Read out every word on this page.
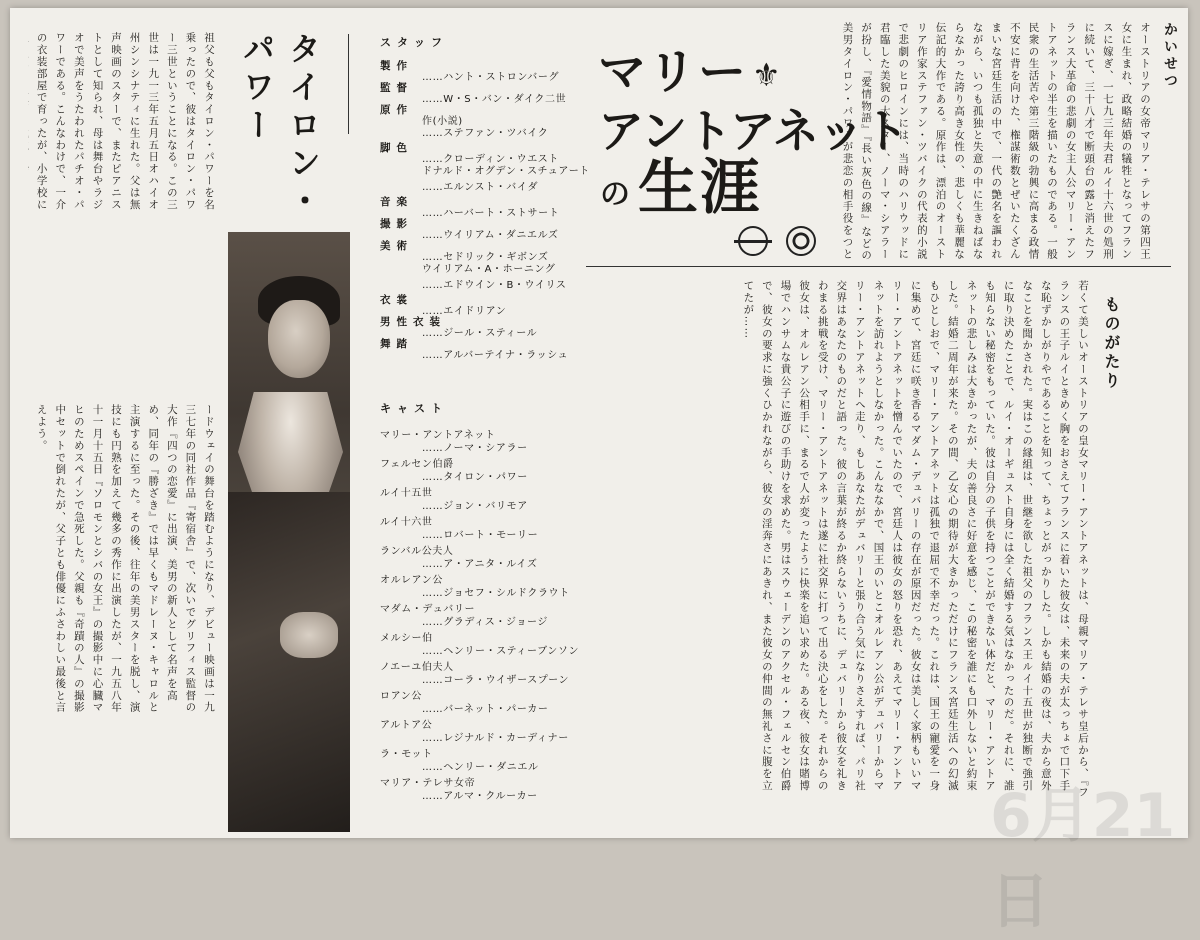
かいせつ
オーストリアの女帝マリア・テレサの第四王女に生まれ、政略結婚の犠牲となってフランスに嫁ぎ、一七九三年夫君ルイ十六世の処刑に続いて、三十八才で断頭台の露と消えたフランス大革命の悲劇の女主人公マリー・アントアネットの半生を描いたものである。一般民衆の生活苦や第三階級の勃興に高まる政情不安に背を向けた、権謀術数とぜいたくざんまいな宮廷生活の中で、一代の艶名を謳われながら、いつも孤独と失意の中に生きねばならなかった誇り高き女性の、悲しくも華麗な伝記的大作である。原作は、漂泊のオーストリア作家ステファン・ツバイクの代表的小説で悲劇のヒロインには、当時のハリウッドに君臨した美貌の大スター、ノーマ・シアラーが扮し、『愛情物語』『長い灰色の線』などの美男タイロン・パワーが悲恋の相手役をつと
マリー ⚜
アントアネット
の 生涯
ものがたり
若くて美しいオーストリアの皇女マリー・アントアネットは、母親マリア・テレサ皇后から、『フランスの王子ルイときめく胸をおさえてフランスに着いた彼女は、未来の夫が太っちょで口下手な恥ずかしがりやであることを知って、ちょっとがっかりした。しかも結婚の夜は、夫から意外なことを聞かされた。実はこの縁組は、世継を欲した祖父のフランス王ルイ十五世が独断で強引に取り決めたことで、ルイ・オーギュスト自身には全く結婚する気はなかったのだ。それに、誰も知らない秘密をもっていた。彼は自分の子供を持つことができない体だと、マリー・アントアネットの悲しみは大きかったが、夫の善良さに好意を感じ、この秘密を誰にも口外しないと約束した。結婚二周年が来た。その間、乙女心の期待が大きかっただけにフランス宮廷生活への幻滅もひとしおで、マリー・アントアネットは孤独で退屈で不幸だった。これは、国王の寵愛を一身に集めて、宮廷に咲き香るマダム・デュバリーの存在が原因だった。彼女は美しく家柄もいいマリー・アントアネットを憎んでいたので、宮廷人は彼女の怒りを恐れ、あえてマリー・アントアネットを訪れようとしなかった。こんななかで、国王のいとこオルレアン公がデュバリーからマリー・アントアネットへ走り、もしあなたがデュバリーと張り合う気になりさえすれば、パリ社交界はあなたのものだと語った。彼の言葉が終るか終らないうちに、デュバリーから彼女を礼きわまる挑戦を受け、マリー・アントアネットは遂に社交界に打って出る決心をした。それからの彼女は、オルレアン公相手に、まるで人が変ったように快楽を追い求めた。ある夜、彼女は賭博場でハンサムな貴公子に遊びの手助けを求めた。男はスウェーデンのアクセル・フェルセン伯爵で、彼女の要求に強くひかれながら、彼女の淫奔さにあきれ、また彼女の仲間の無礼さに腹を立てたが……
スタッフ
キャスト
タイロン・パワー
祖父も父もタイロン・パワーを名乗ったので、彼はタイロン・パワー三世ということになる。この三世は一九一三年五月五日オハイオ州シンシナティに生れた。父は無声映画のスターで、またピアニストとして知られ、母は舞台やラジオで美声をうたわれたパチオ・パワーである。こんなわけで、一介の衣装部屋で育ったが、小学校に
ードウェイの舞台を踏むようになり、デビュー映画は一九三七年の同社作品『寄宿舎』で、次いでグリフィス監督の大作『四つの恋愛』に出演、美男の新人として名声を高め、同年の『勝ざき』では早くもマドレーヌ・キャロルと主演するに至った。その後、往年の美男スターを脱し、演技にも円熟を加えて幾多の秀作に出演したが、一九五八年十一月十五日『ソロモンとシバの女王』の撮影中に心臓マヒのためスペインで急死した。父親も『奇蹟の人』の撮影中セットで倒れたが、父子とも俳優にふさわしい最後と言えよう。
6月21日
製作
……ハント・ストロンバーグ
監督
……W・S・バン・ダイク二世
原作
作(小説)
……ステファン・ツバイク
脚色
……クローディン・ウエスト
ドナルド・オグデン・スチュアート
……エルンスト・バイダ
音楽
……ハーバート・ストサート
撮影
……ウイリアム・ダニエルズ
美術
……セドリック・ギボンズ
ウイリアム・A・ホーニング
……エドウイン・B・ウイリス
衣裳
……エイドリアン
男性衣装
……ジール・スティール
舞踏
……アルバーテイナ・ラッシュ
マリー・アントアネット
……ノーマ・シアラー
フェルセン伯爵
……タイロン・パワー
ルイ十五世
……ジョン・バリモア
ルイ十六世
……ロバート・モーリー
ランバル公夫人
……ア・アニタ・ルイズ
オルレアン公
……ジョセフ・シルドクラウト
マダム・デュバリー
……グラディス・ジョージ
メルシー伯
……ヘンリー・スティーブンソン
ノエーユ伯夫人
……コーラ・ウイザースプーン
ロアン公
……バーネット・パーカー
アルトア公
……レジナルド・カーディナー
ラ・モット
……ヘンリー・ダニエル
マリア・テレサ女帝
……アルマ・クルーカー
